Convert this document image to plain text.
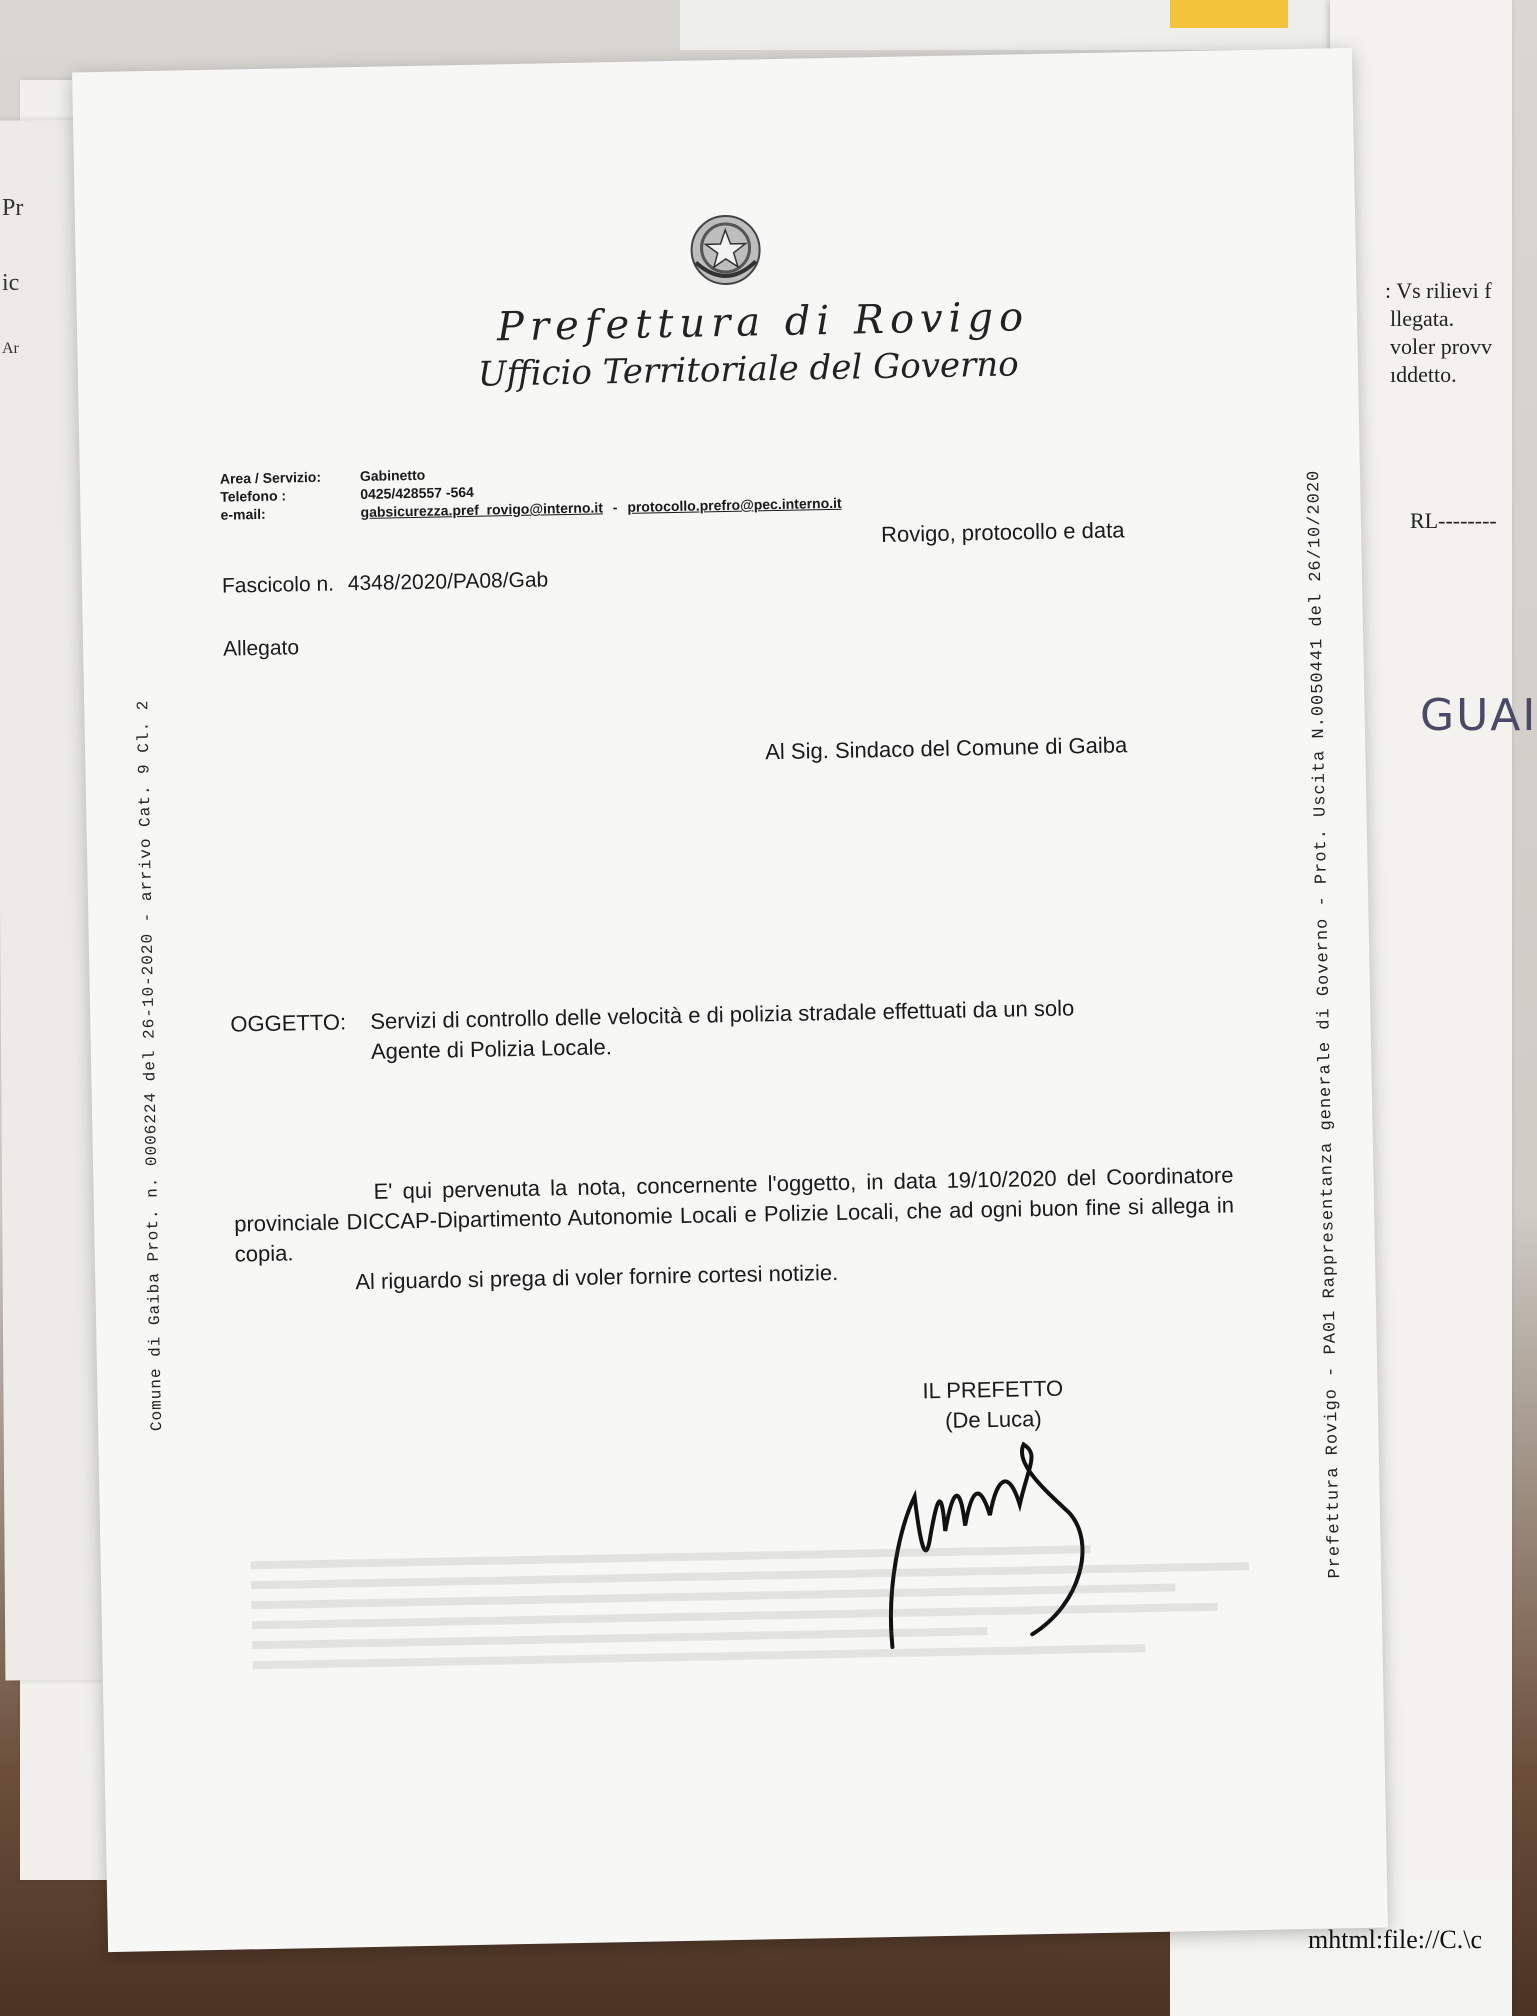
Pr
ic
Ar
: Vs rilievi f
llegata.
voler provv
ıddetto.
RL--------
GUAI
mhtml:file://C.\c
Prefettura di Rovigo
Ufficio Territoriale del Governo
Area / Servizio:	Gabinetto
Telefono :	0425/428557 -564
e-mail:	gabsicurezza.pref_rovigo@interno.it - protocollo.prefro@pec.interno.it
Rovigo, protocollo e data
Fascicolo n. 4348/2020/PA08/Gab
Allegato
Al Sig. Sindaco del Comune di Gaiba
OGGETTO: Servizi di controllo delle velocità e di polizia stradale effettuati da un solo
Agente di Polizia Locale.

E' qui pervenuta la nota, concernente l'oggetto, in data 19/10/2020 del Coordinatore provinciale DICCAP-Dipartimento Autonomie Locali e Polizie Locali, che ad ogni buon fine si allega in copia.

Al riguardo si prega di voler fornire cortesi notizie.

IL PREFETTO
(De Luca)
Comune di Gaiba Prot. n. 0006224 del 26-10-2020 - arrivo Cat. 9 Cl. 2	Prefettura Rovigo - PA01 Rappresentanza generale di Governo - Prot. Uscita N.0050441 del 26/10/2020
